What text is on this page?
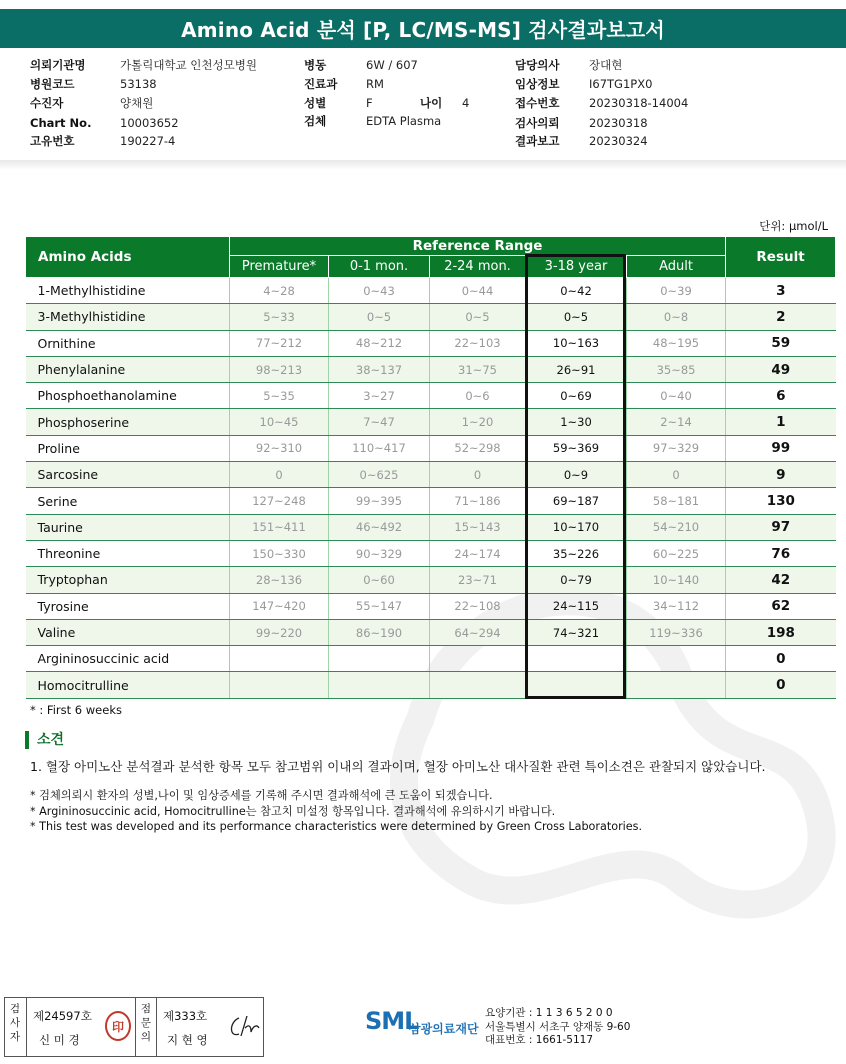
Amino Acid 분석 [P, LC/MS-MS] 검사결과보고서
의뢰기관명	가톨릭대학교 인천성모병원
병원코드	53138
수진자	양채원
Chart No. 10003652
고유번호	190227-4
병동	6W / 607
진료과 RM
성별	F	나이 4
검체	EDTA Plasma
담당의사	장대현
임상정보	I67TG1PX0
접수번호	20230318-14004
검사의뢰	20230318
결과보고	20230324
단위: µmol/L
Amino Acids	Reference Range					Result
	Premature*	0-1 mon.	2-24 mon.	3-18 year	Adult	
1-Methylhistidine	4~28	0~43	0~44	0~42	0~39	3
3-Methylhistidine	5~33	0~5	0~5	0~5	0~8	2
Ornithine	77~212	48~212	22~103	10~163	48~195	59
Phenylalanine	98~213	38~137	31~75	26~91	35~85	49
Phosphoethanolamine	5~35	3~27	0~6	0~69	0~40	6
Phosphoserine	10~45	7~47	1~20	1~30	2~14	1
Proline	92~310	110~417	52~298	59~369	97~329	99
Sarcosine	0	0~625	0	0~9	0	9
Serine	127~248	99~395	71~186	69~187	58~181	130
Taurine	151~411	46~492	15~143	10~170	54~210	97
Threonine	150~330	90~329	24~174	35~226	60~225	76
Tryptophan	28~136	0~60	23~71	0~79	10~140	42
Tyrosine	147~420	55~147	22~108	24~115	34~112	62
Valine	99~220	86~190	64~294	74~321	119~336	198
Argininosuccinic acid						0
Homocitrulline						0
* : First 6 weeks
소견
1. 혈장 아미노산 분석결과 분석한 항목 모두 참고범위 이내의 결과이며, 혈장 아미노산 대사질환 관련 특이소견은 관찰되지 않았습니다.
* 검체의뢰시 환자의 성별,나이 및 임상증세를 기록해 주시면 결과해석에 큰 도움이 되겠습니다.
* Argininosuccinic acid, Homocitrulline는 참고치 미설정 항목입니다. 결과해석에 유의하시기 바랍니다.
* This test was developed and its performance characteristics were determined by Green Cross Laboratories.
검
사
자
제24597호
신 미 경
印
점
문
의
제333호
지 현 영
SML
삼광의료재단
요양기관 : 1 1 3 6 5 2 0 0
서울특별시 서초구 양재동 9-60
대표번호 : 1661-5117
